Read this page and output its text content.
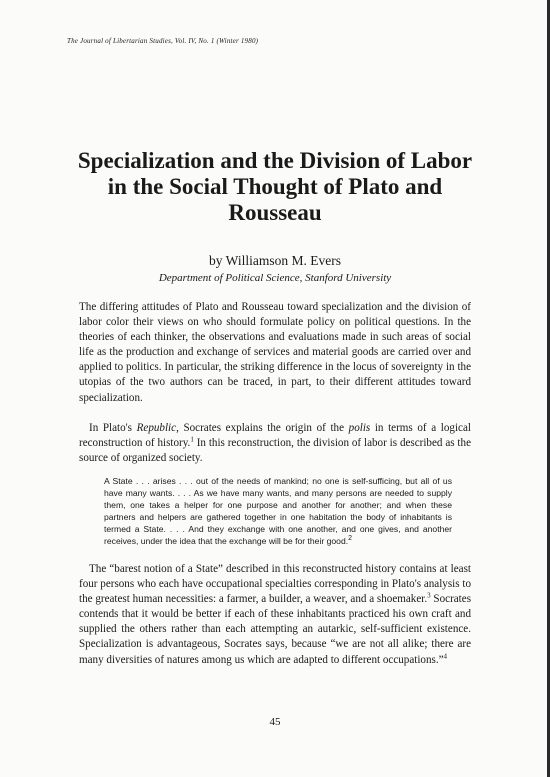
The Journal of Libertarian Studies, Vol. IV, No. 1 (Winter 1980)
Specialization and the Division of Labor
in the Social Thought of Plato and
Rousseau
by Williamson M. Evers
Department of Political Science, Stanford University

The differing attitudes of Plato and Rousseau toward specialization and the division of labor color their views on who should formulate policy on political questions. In the theories of each thinker, the observations and evaluations made in such areas of social life as the production and exchange of services and material goods are carried over and applied to politics. In particular, the striking difference in the locus of sovereignty in the utopias of the two authors can be traced, in part, to their different attitudes toward specialization.

In Plato's Republic, Socrates explains the origin of the polis in terms of a logical reconstruction of history.$^1$ In this reconstruction, the division of labor is described as the source of organized society.

A State . . . arises . . . out of the needs of mankind; no one is self-sufficing, but all of us have many wants. . . . As we have many wants, and many persons are needed to supply them, one takes a helper for one purpose and another for another; and when these partners and helpers are gathered together in one habitation the body of inhabitants is termed a State. . . . And they exchange with one another, and one gives, and another receives, under the idea that the exchange will be for their good.$^2$

The “barest notion of a State” described in this reconstructed history contains at least four persons who each have occupational specialties corresponding in Plato's analysis to the greatest human necessities: a farmer, a builder, a weaver, and a shoemaker.$^3$ Socrates contends that it would be better if each of these inhabitants practiced his own craft and supplied the others rather than each attempting an autarkic, self-sufficient existence. Specialization is advantageous, Socrates says, because “we are not all alike; there are many diversities of natures among us which are adapted to different occupations.”$^4$

45
